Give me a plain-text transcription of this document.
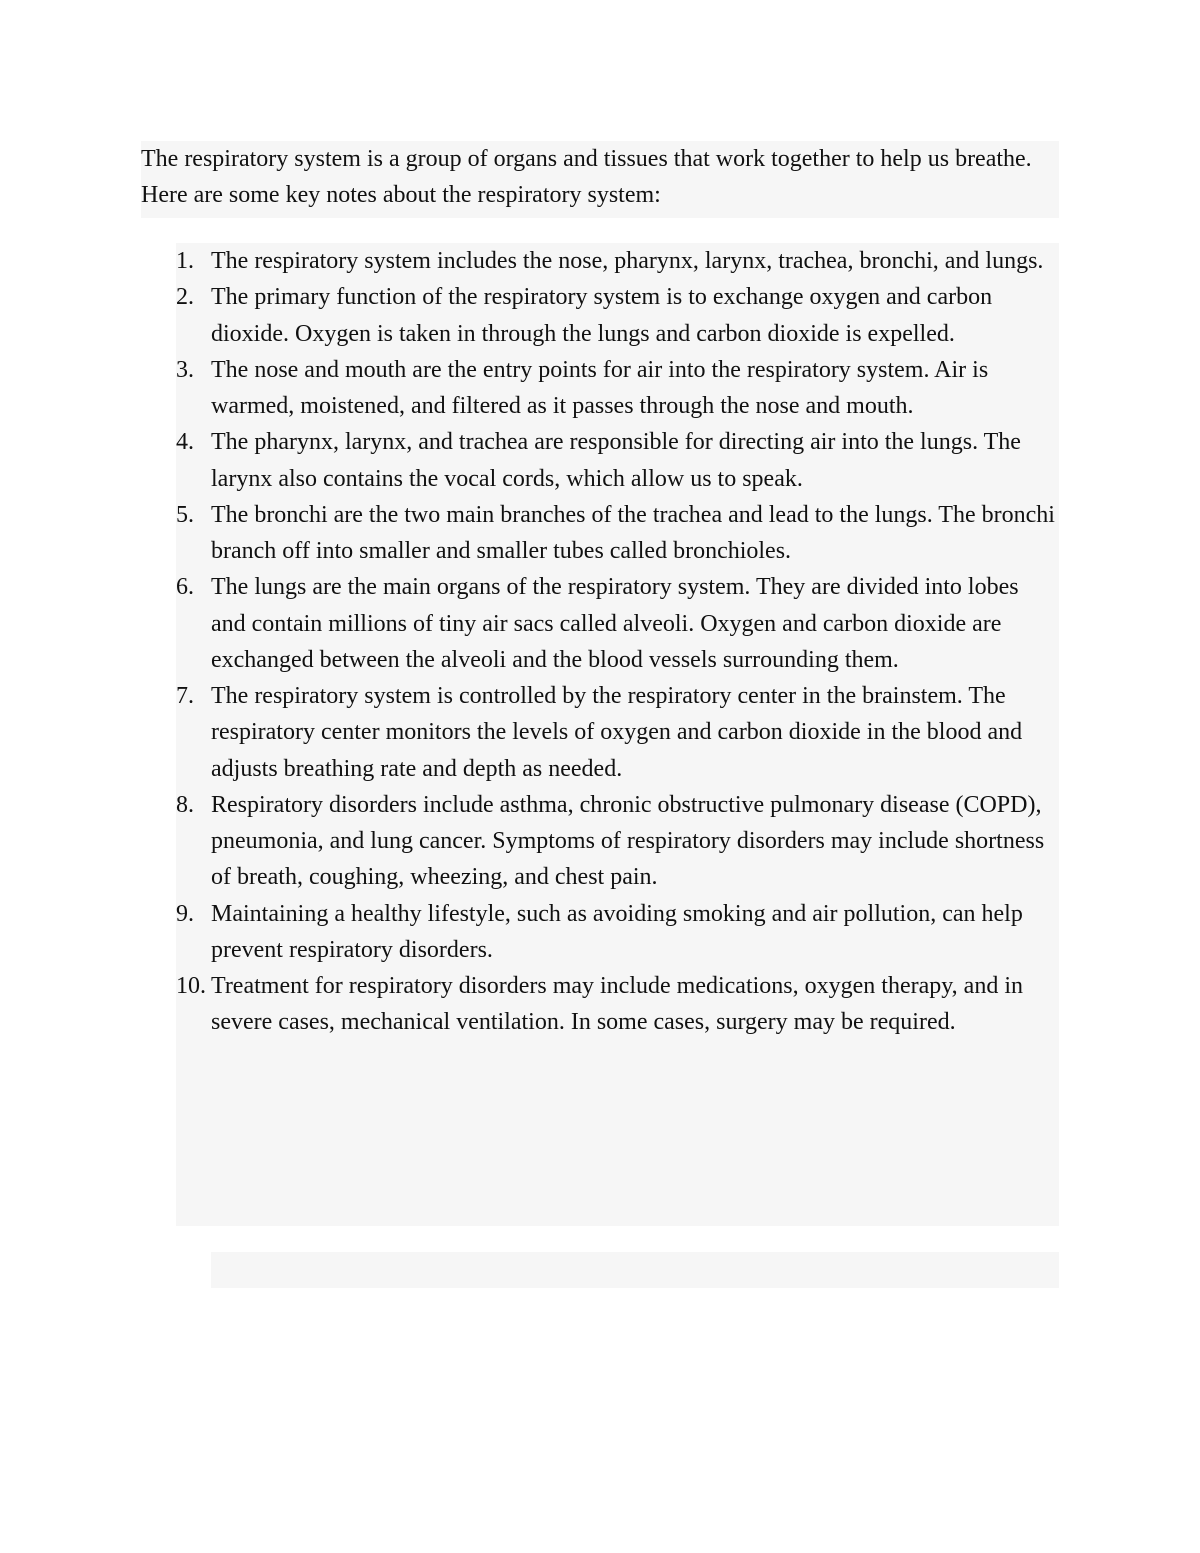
The respiratory system is a group of organs and tissues that work together to help us breathe. Here are some key notes about the respiratory system:

1. The respiratory system includes the nose, pharynx, larynx, trachea, bronchi, and lungs.
2. The primary function of the respiratory system is to exchange oxygen and carbon dioxide. Oxygen is taken in through the lungs and carbon dioxide is expelled.
3. The nose and mouth are the entry points for air into the respiratory system. Air is warmed, moistened, and filtered as it passes through the nose and mouth.
4. The pharynx, larynx, and trachea are responsible for directing air into the lungs. The larynx also contains the vocal cords, which allow us to speak.
5. The bronchi are the two main branches of the trachea and lead to the lungs. The bronchi branch off into smaller and smaller tubes called bronchioles.
6. The lungs are the main organs of the respiratory system. They are divided into lobes and contain millions of tiny air sacs called alveoli. Oxygen and carbon dioxide are exchanged between the alveoli and the blood vessels surrounding them.
7. The respiratory system is controlled by the respiratory center in the brainstem. The respiratory center monitors the levels of oxygen and carbon dioxide in the blood and adjusts breathing rate and depth as needed.
8. Respiratory disorders include asthma, chronic obstructive pulmonary disease (COPD), pneumonia, and lung cancer. Symptoms of respiratory disorders may include shortness of breath, coughing, wheezing, and chest pain.
9. Maintaining a healthy lifestyle, such as avoiding smoking and air pollution, can help prevent respiratory disorders.
10. Treatment for respiratory disorders may include medications, oxygen therapy, and in severe cases, mechanical ventilation. In some cases, surgery may be required.
